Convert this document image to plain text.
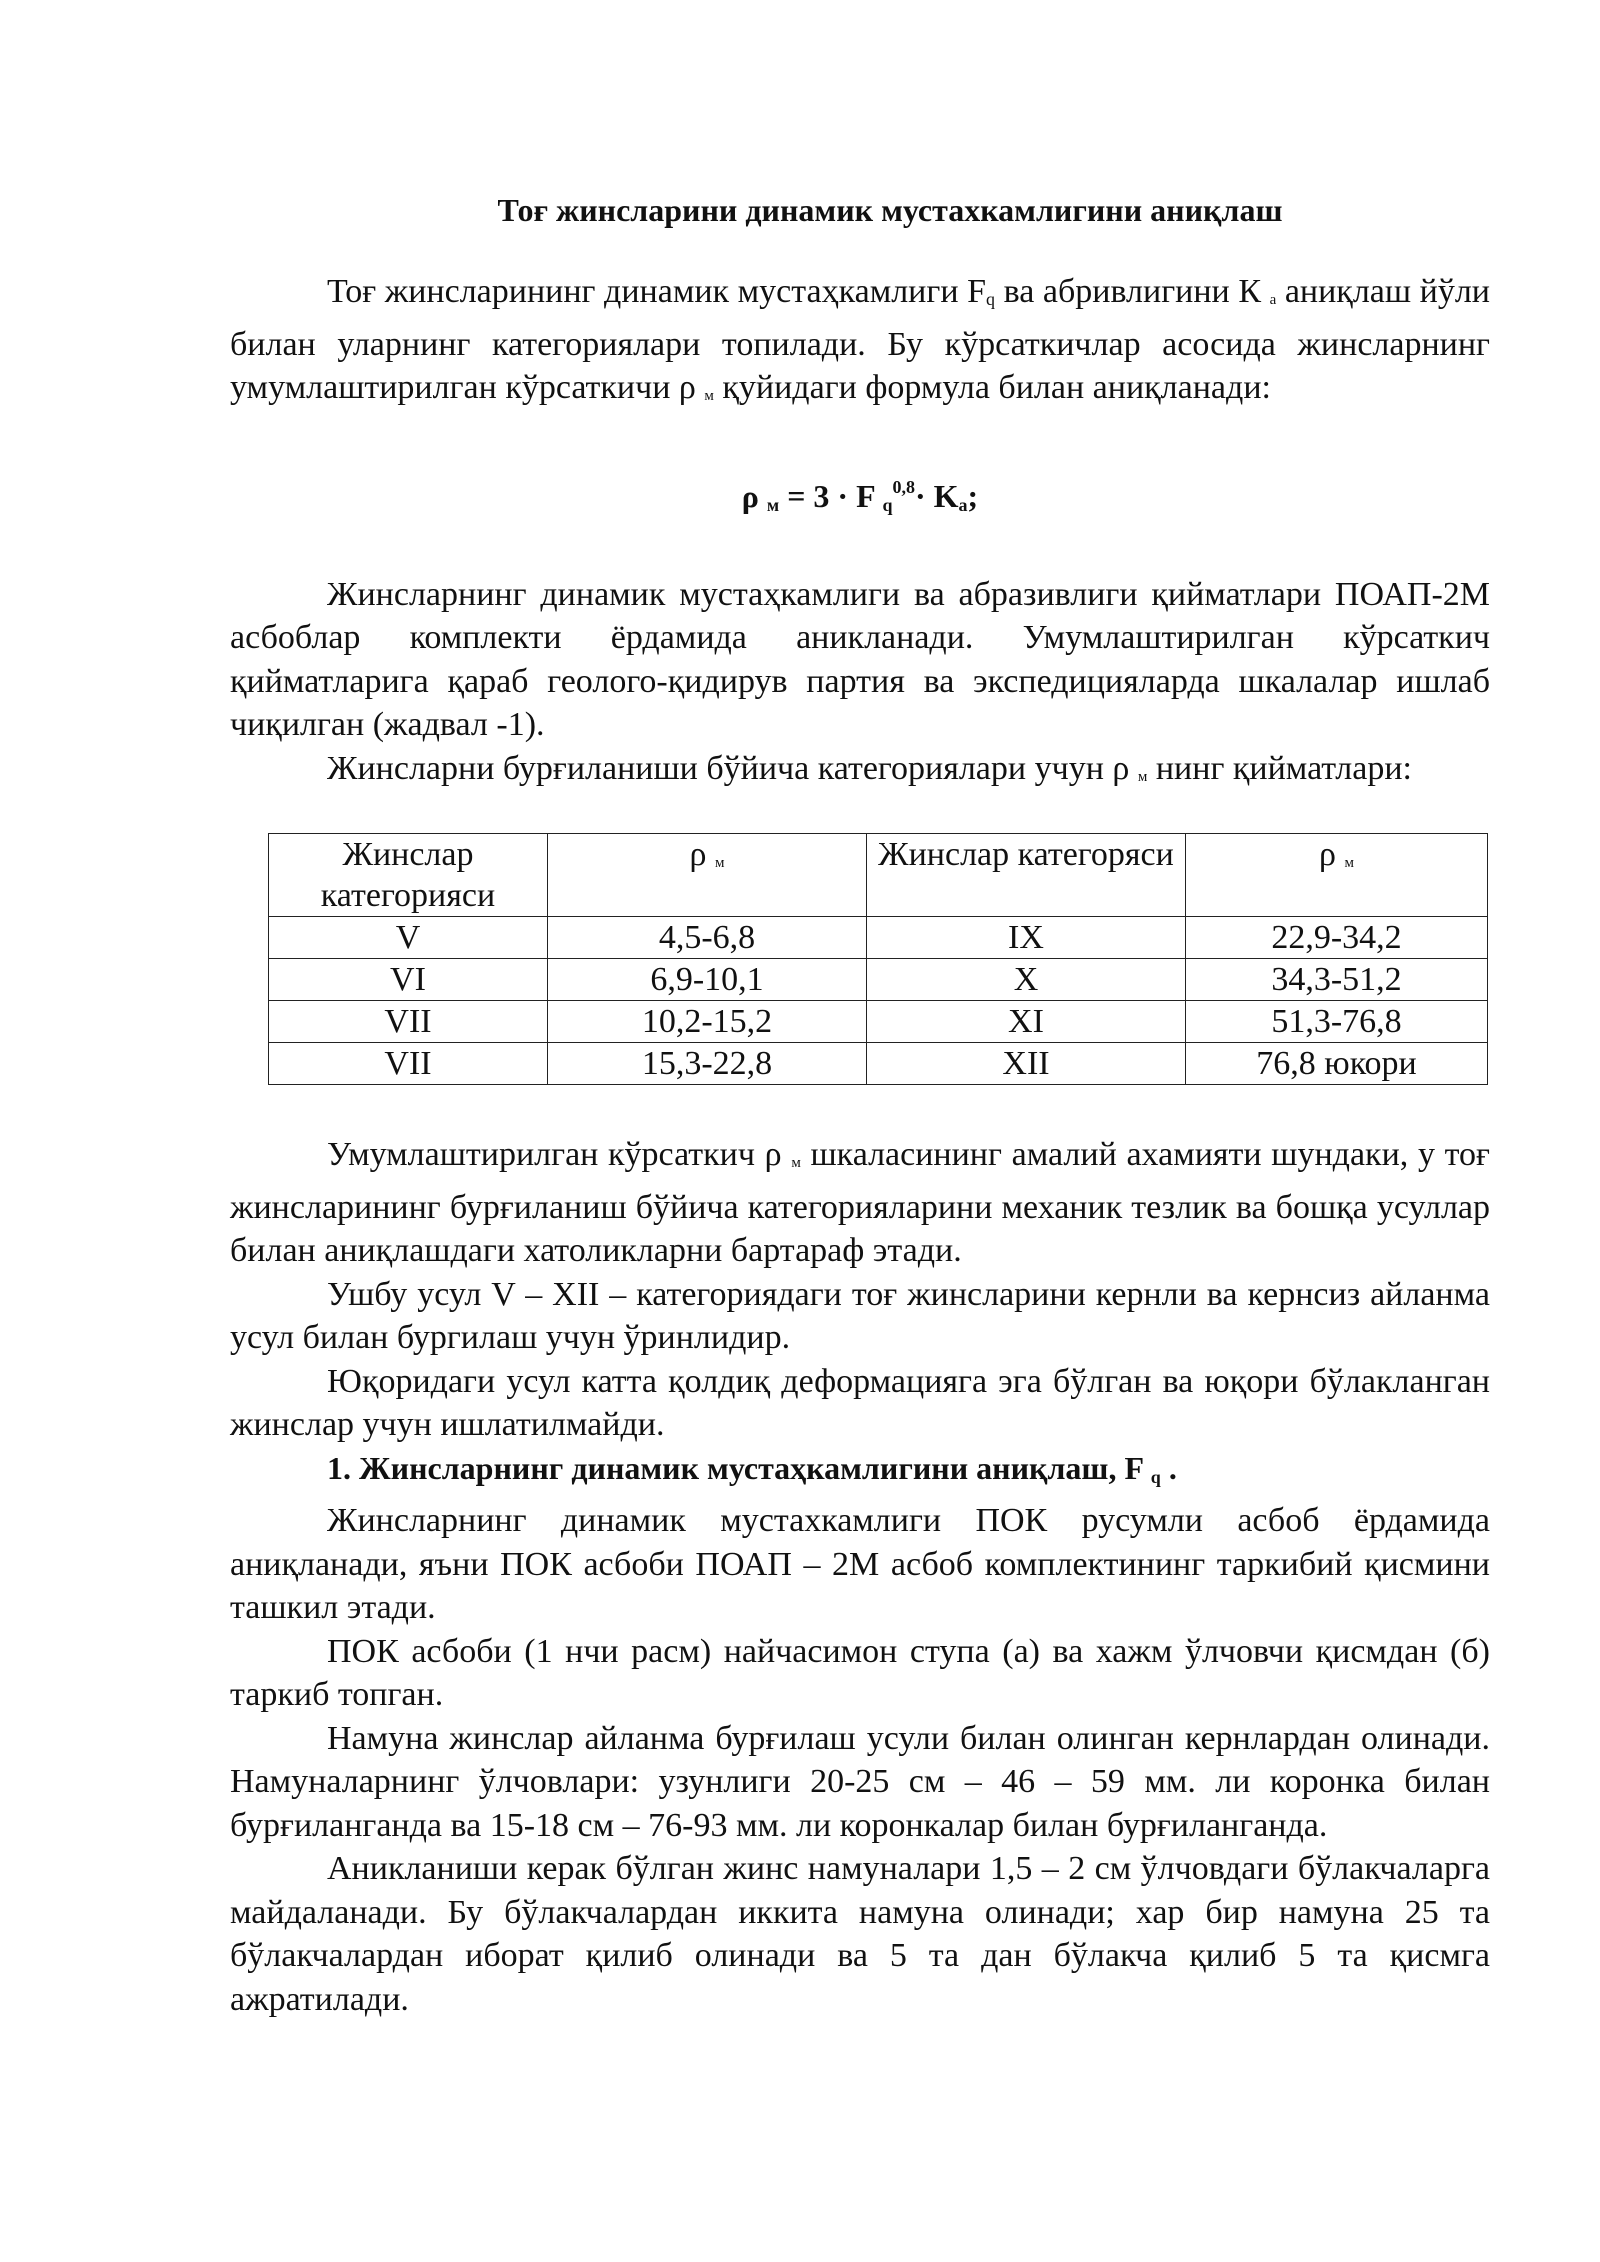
Тоғ жинсларини динамик мустахкамлигини аниқлаш

Тоғ жинсларининг динамик мустаҳкамлиги $F_q$ ва абривлигини К $_а$ аниқлаш йўли билан уларнинг категориялари топилади. Бу кўрсаткичлар асосида жинсларнинг умумлаштирилган кўрсаткичи ρ $_м$ қуйидаги формула билан аниқланади:

ρ $_м$ = 3 · F $_q^{0,8}\cdot K_а$;

Жинсларнинг динамик мустаҳкамлиги ва абразивлиги қийматлари ПОАП-2М асбоблар комплекти ёрдамида аникланади. Умумлаштирилган кўрсаткич қийматларига қараб геолого-қидирув партия ва экспедицияларда шкалалар ишлаб чиқилган (жадвал -1).

Жинсларни бурғиланиши бўйича категориялари учун ρ $_м$ нинг қийматлари:

Жинслар категорияси	ρ $_м$	Жинслар категоряси	ρ $_м$
V	4,5-6,8	IX	22,9-34,2
VI	6,9-10,1	X	34,3-51,2
VII	10,2-15,2	XI	51,3-76,8
VII	15,3-22,8	XII	76,8 юкори

Умумлаштирилган кўрсаткич ρ $_м$ шкаласининг амалий ахамияти шундаки, у тоғ жинсларининг бурғиланиш бўйича категорияларини механик тезлик ва бошқа усуллар билан аниқлашдаги хатоликларни бартараф этади.

Ушбу усул V – XII – категориядаги тоғ жинсларини кернли ва кернсиз айланма усул билан бургилаш учун ўринлидир.

Юқоридаги усул катта қолдиқ деформацияга эга бўлган ва юқори бўлакланган жинслар учун ишлатилмайди.

1. Жинсларнинг динамик мустаҳкамлигини аниқлаш, F $_q$ .

Жинсларнинг динамик мустахкамлиги ПОК русумли асбоб ёрдамида аниқланади, яъни ПОК асбоби ПОАП – 2М асбоб комплектининг таркибий қисмини ташкил этади.

ПОК асбоби (1 нчи расм) найчасимон ступа (а) ва хажм ўлчовчи қисмдан (б) таркиб топган.

Намуна жинслар айланма бурғилаш усули билан олинган кернлардан олинади. Намуналарнинг ўлчовлари: узунлиги 20-25 см – 46 – 59 мм. ли коронка билан бурғиланганда ва 15-18 см – 76-93 мм. ли коронкалар билан бурғиланганда.

Аникланиши керак бўлган жинс намуналари 1,5 – 2 см ўлчовдаги бўлакчаларга майдаланади. Бу бўлакчалардан иккита намуна олинади; хар бир намуна 25 та бўлакчалардан иборат қилиб олинади ва 5 та дан бўлакча қилиб 5 та қисмга ажратилади.
